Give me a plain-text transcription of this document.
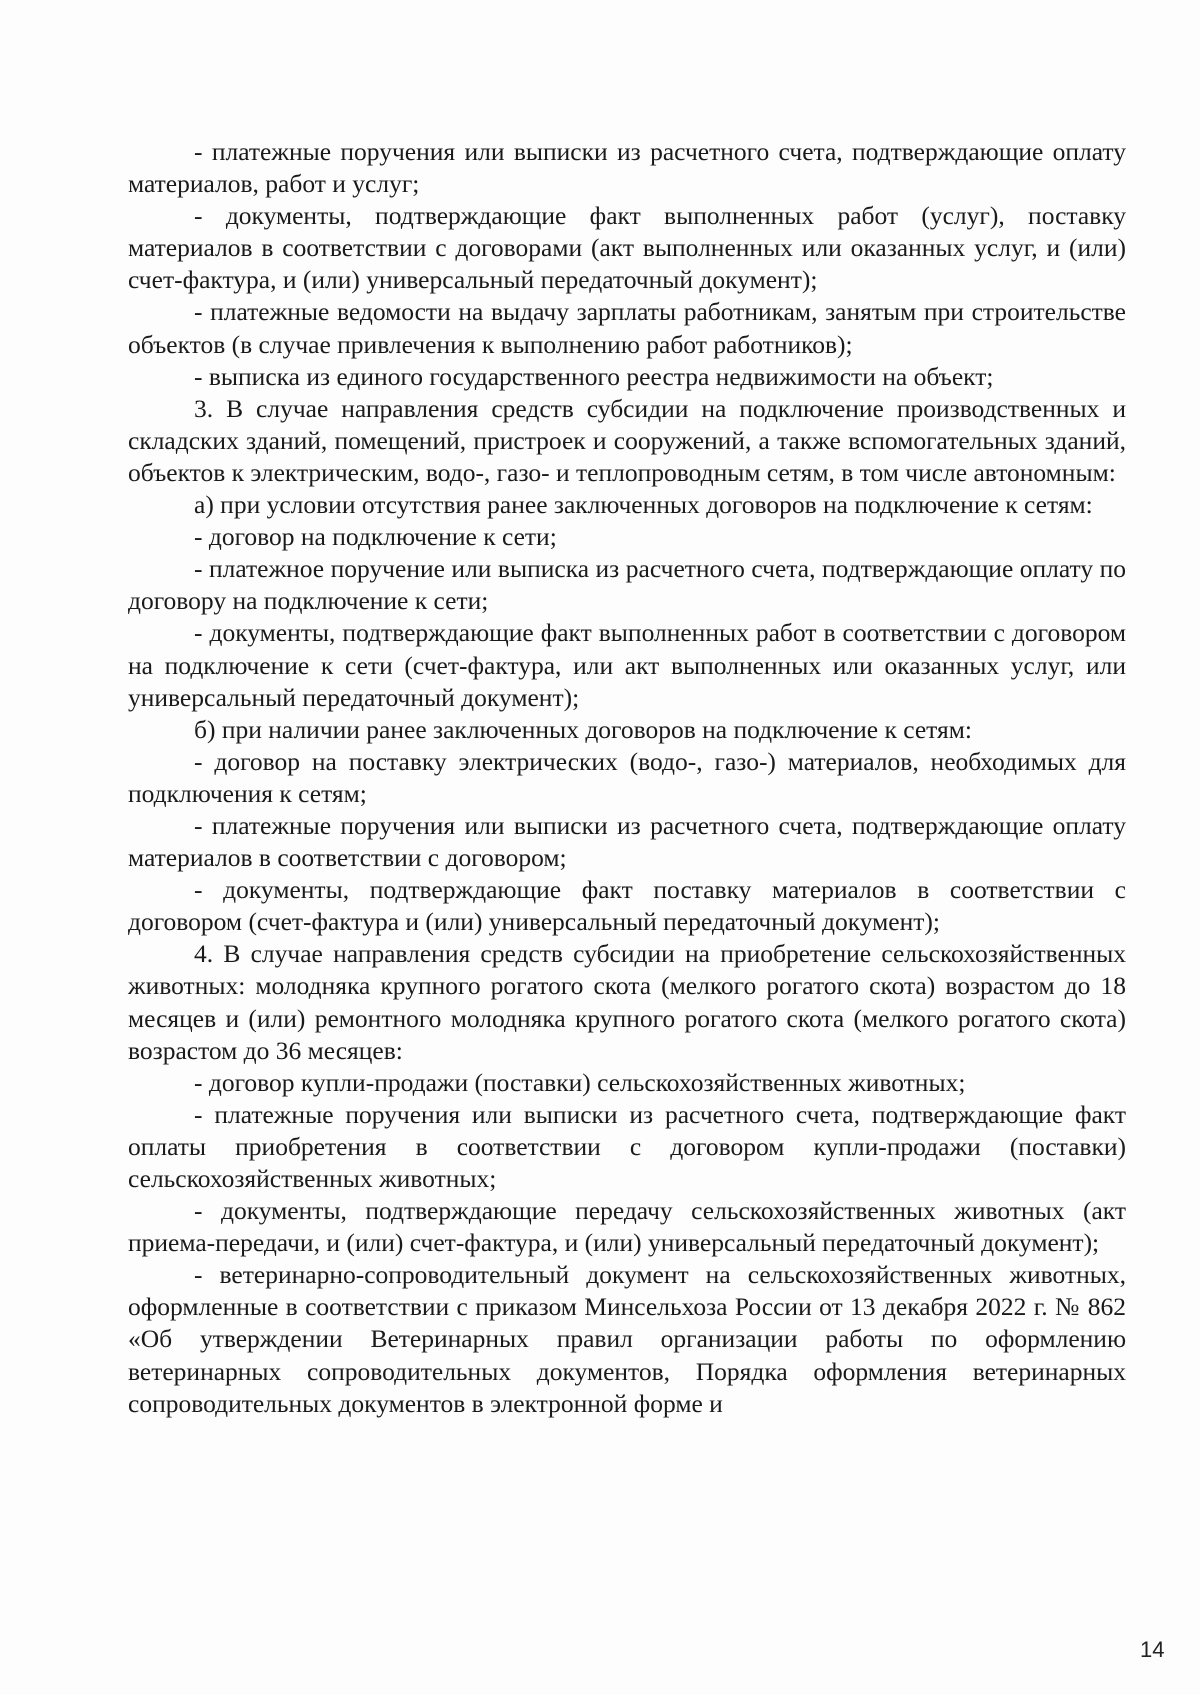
- платежные поручения или выписки из расчетного счета, подтверждающие оплату материалов, работ и услуг;

- документы, подтверждающие факт выполненных работ (услуг), поставку материалов в соответствии с договорами (акт выполненных или оказанных услуг, и (или) счет-фактура, и (или) универсальный передаточный документ);

- платежные ведомости на выдачу зарплаты работникам, занятым при строительстве объектов (в случае привлечения к выполнению работ работников);

- выписка из единого государственного реестра недвижимости на объект;

3. В случае направления средств субсидии на подключение производственных и складских зданий, помещений, пристроек и сооружений, а также вспомогательных зданий, объектов к электрическим, водо-, газо- и теплопроводным сетям, в том числе автономным:

а) при условии отсутствия ранее заключенных договоров на подключение к сетям:

- договор на подключение к сети;

- платежное поручение или выписка из расчетного счета, подтверждающие оплату по договору на подключение к сети;

- документы, подтверждающие факт выполненных работ в соответствии с договором на подключение к сети (счет-фактура, или акт выполненных или оказанных услуг, или универсальный передаточный документ);

б) при наличии ранее заключенных договоров на подключение к сетям:

- договор на поставку электрических (водо-, газо-) материалов, необходимых для подключения к сетям;

- платежные поручения или выписки из расчетного счета, подтверждающие оплату материалов в соответствии с договором;

- документы, подтверждающие факт поставку материалов в соответствии с договором (счет-фактура и (или) универсальный передаточный документ);

4. В случае направления средств субсидии на приобретение сельскохозяйственных животных: молодняка крупного рогатого скота (мелкого рогатого скота) возрастом до 18 месяцев и (или) ремонтного молодняка крупного рогатого скота (мелкого рогатого скота) возрастом до 36 месяцев:

- договор купли-продажи (поставки) сельскохозяйственных животных;

- платежные поручения или выписки из расчетного счета, подтверждающие факт оплаты приобретения в соответствии с договором купли-продажи (поставки) сельскохозяйственных животных;

- документы, подтверждающие передачу сельскохозяйственных животных (акт приема-передачи, и (или) счет-фактура, и (или) универсальный передаточный документ);

- ветеринарно-сопроводительный документ на сельскохозяйственных животных, оформленные в соответствии с приказом Минсельхоза России от 13 декабря 2022 г. № 862 «Об утверждении Ветеринарных правил организации работы по оформлению ветеринарных сопроводительных документов, Порядка оформления ветеринарных сопроводительных документов в электронной форме и

14
